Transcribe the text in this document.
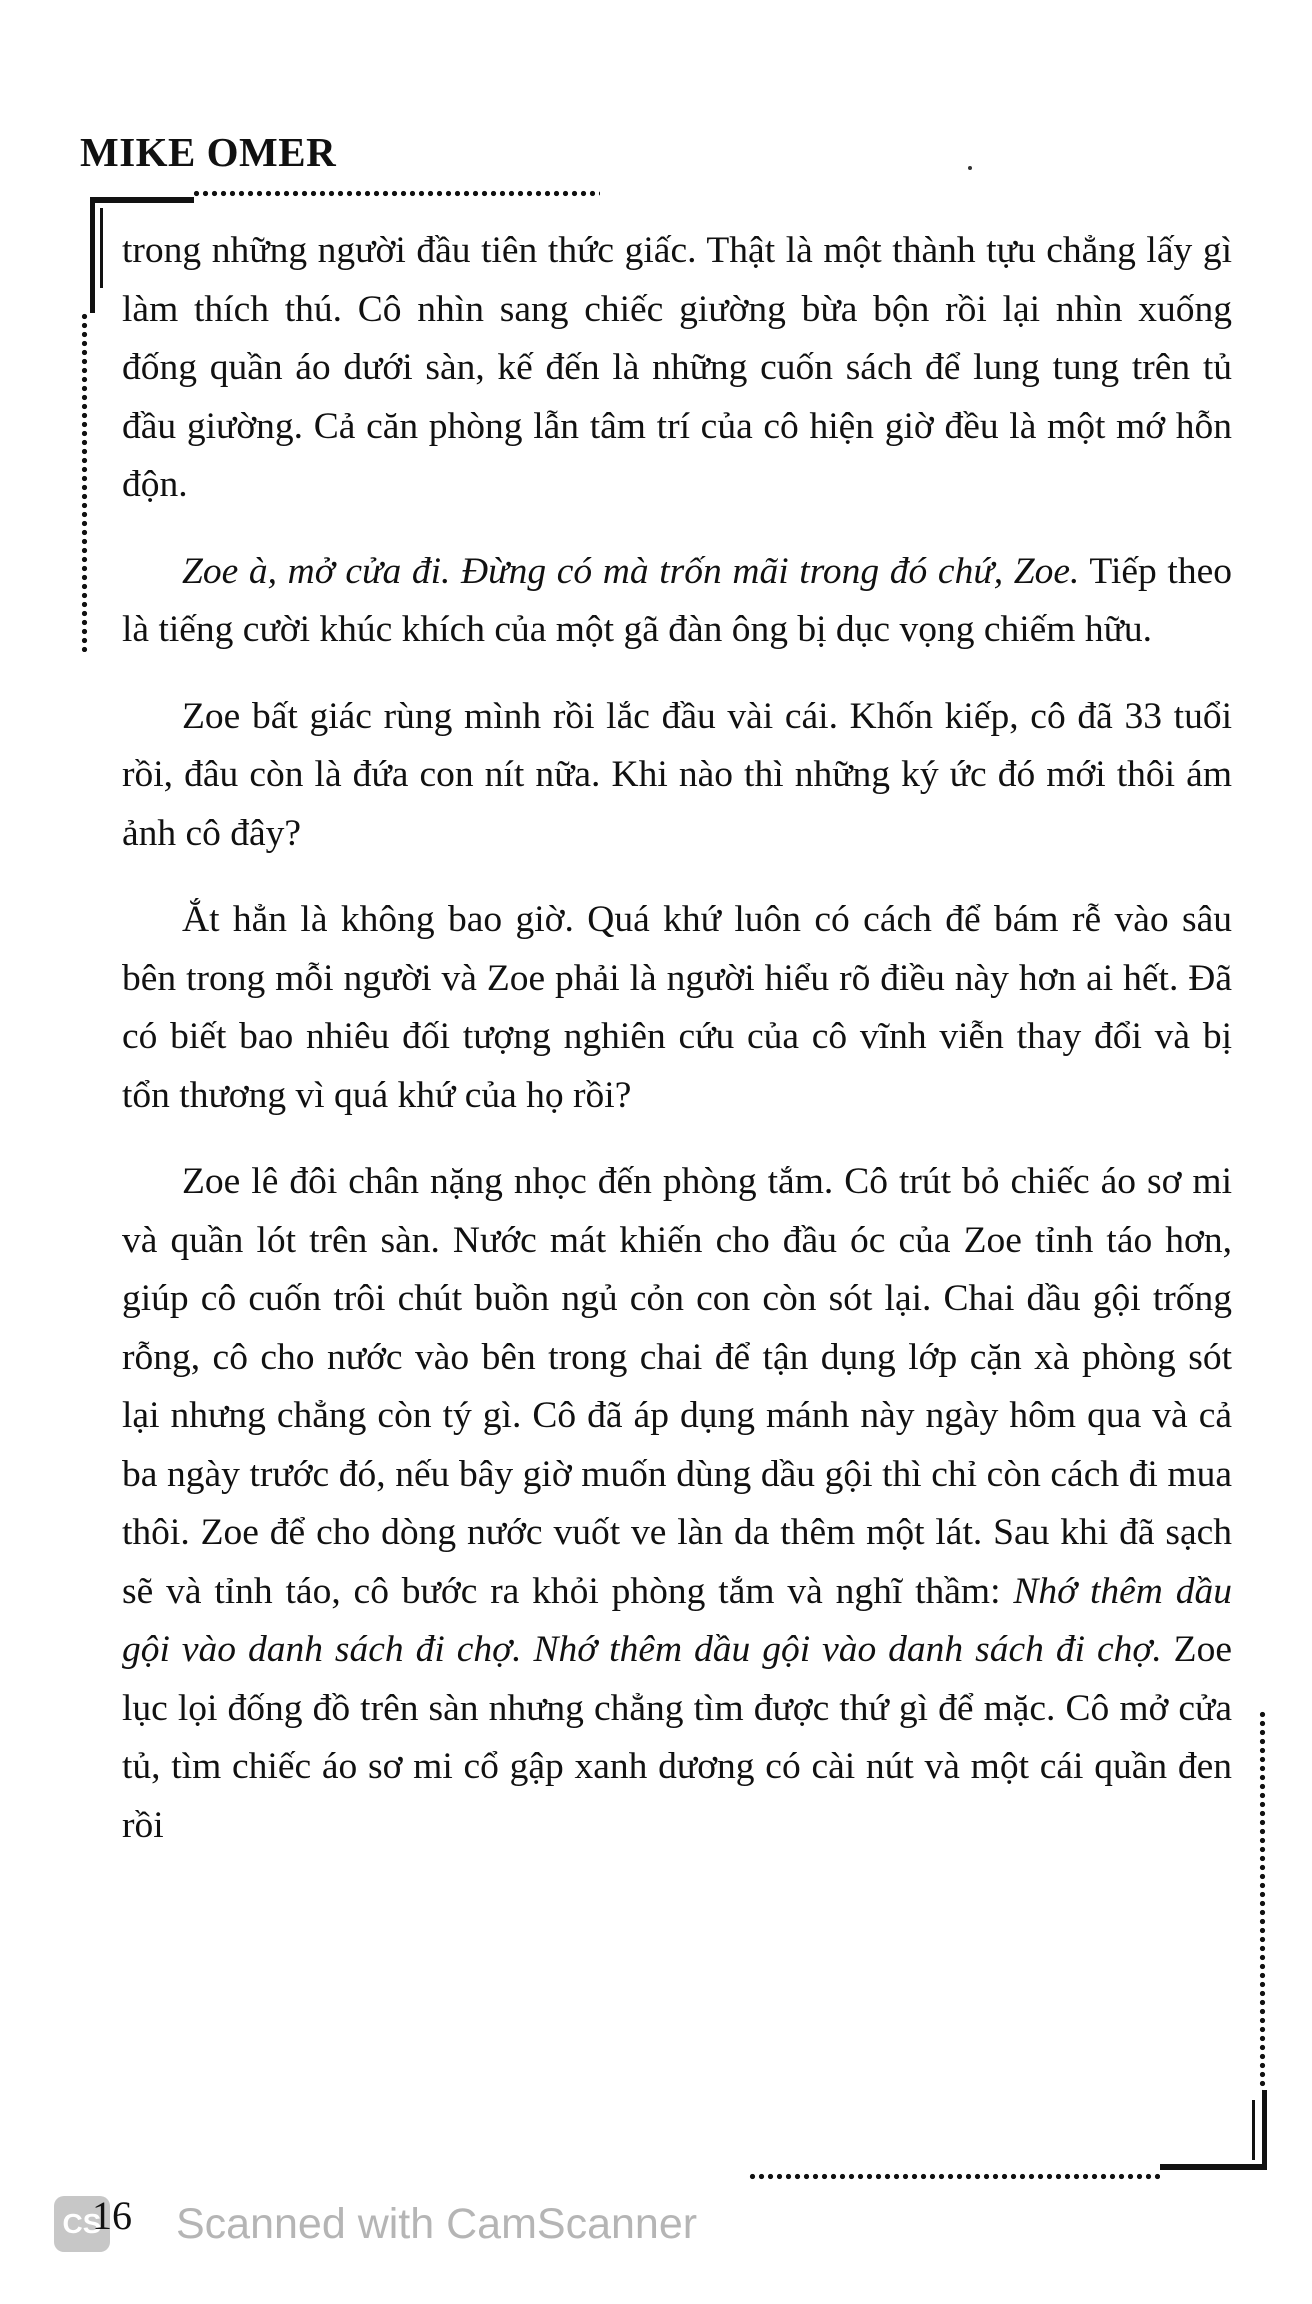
MIKE OMER

trong những người đầu tiên thức giấc. Thật là một thành tựu chẳng lấy gì làm thích thú. Cô nhìn sang chiếc giường bừa bộn rồi lại nhìn xuống đống quần áo dưới sàn, kế đến là những cuốn sách để lung tung trên tủ đầu giường. Cả căn phòng lẫn tâm trí của cô hiện giờ đều là một mớ hỗn độn.

Zoe à, mở cửa đi. Đừng có mà trốn mãi trong đó chứ, Zoe. Tiếp theo là tiếng cười khúc khích của một gã đàn ông bị dục vọng chiếm hữu.

Zoe bất giác rùng mình rồi lắc đầu vài cái. Khốn kiếp, cô đã 33 tuổi rồi, đâu còn là đứa con nít nữa. Khi nào thì những ký ức đó mới thôi ám ảnh cô đây?

Ắt hẳn là không bao giờ. Quá khứ luôn có cách để bám rễ vào sâu bên trong mỗi người và Zoe phải là người hiểu rõ điều này hơn ai hết. Đã có biết bao nhiêu đối tượng nghiên cứu của cô vĩnh viễn thay đổi và bị tổn thương vì quá khứ của họ rồi?

Zoe lê đôi chân nặng nhọc đến phòng tắm. Cô trút bỏ chiếc áo sơ mi và quần lót trên sàn. Nước mát khiến cho đầu óc của Zoe tỉnh táo hơn, giúp cô cuốn trôi chút buồn ngủ cỏn con còn sót lại. Chai dầu gội trống rỗng, cô cho nước vào bên trong chai để tận dụng lớp cặn xà phòng sót lại nhưng chẳng còn tý gì. Cô đã áp dụng mánh này ngày hôm qua và cả ba ngày trước đó, nếu bây giờ muốn dùng dầu gội thì chỉ còn cách đi mua thôi. Zoe để cho dòng nước vuốt ve làn da thêm một lát. Sau khi đã sạch sẽ và tỉnh táo, cô bước ra khỏi phòng tắm và nghĩ thầm: Nhớ thêm dầu gội vào danh sách đi chợ. Nhớ thêm dầu gội vào danh sách đi chợ. Zoe lục lọi đống đồ trên sàn nhưng chẳng tìm được thứ gì để mặc. Cô mở cửa tủ, tìm chiếc áo sơ mi cổ gập xanh dương có cài nút và một cái quần đen rồi

CS Scanned with CamScanner
16
